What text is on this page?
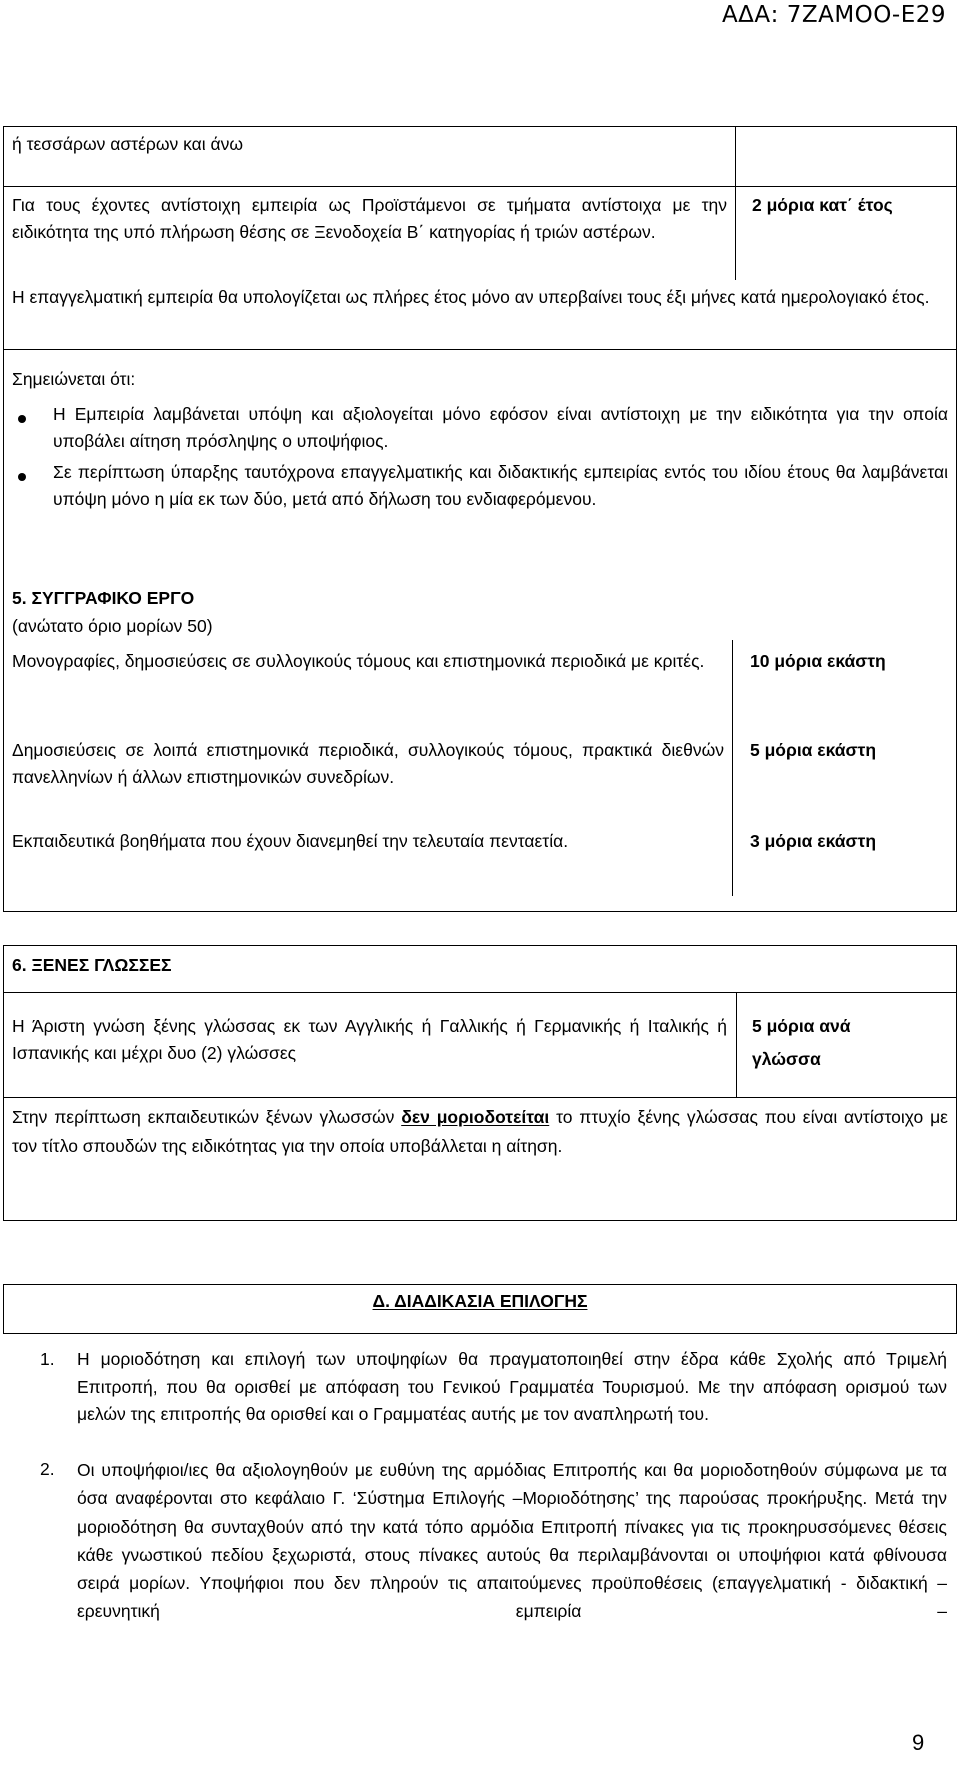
ΑΔΑ: 7ΖΑΜΟΟ-Ε29
ή τεσσάρων αστέρων και άνω
Για τους έχοντες αντίστοιχη εμπειρία ως Προϊστάμενοι σε τμήματα αντίστοιχα με την ειδικότητα της υπό πλήρωση θέσης σε Ξενοδοχεία Β΄ κατηγορίας ή τριών αστέρων.
2 μόρια κατ΄ έτος
Η επαγγελματική εμπειρία θα υπολογίζεται ως πλήρες έτος μόνο αν υπερβαίνει τους έξι μήνες κατά ημερολογιακό έτος.
Σημειώνεται ότι:
Η Εμπειρία λαμβάνεται υπόψη και αξιολογείται μόνο εφόσον είναι αντίστοιχη με την ειδικότητα για την οποία υποβάλει αίτηση πρόσληψης ο υποψήφιος.
Σε περίπτωση ύπαρξης ταυτόχρονα επαγγελματικής και διδακτικής εμπειρίας εντός του ιδίου έτους θα λαμβάνεται υπόψη μόνο η μία εκ των δύο, μετά από δήλωση του ενδιαφερόμενου.
5. ΣΥΓΓΡΑΦΙΚΟ ΕΡΓΟ
(ανώτατο όριο μορίων 50)
Μονογραφίες, δημοσιεύσεις σε συλλογικούς τόμους και επιστημονικά περιοδικά με κριτές.	10 μόρια εκάστη
Δημοσιεύσεις σε λοιπά επιστημονικά περιοδικά, συλλογικούς τόμους, πρακτικά διεθνών πανελληνίων ή άλλων επιστημονικών συνεδρίων.
5 μόρια εκάστη
Εκπαιδευτικά βοηθήματα που έχουν διανεμηθεί την τελευταία πενταετία.	3 μόρια εκάστη
6. ΞΕΝΕΣ ΓΛΩΣΣΕΣ
Η Άριστη γνώση ξένης γλώσσας εκ των Αγγλικής ή Γαλλικής ή Γερμανικής ή Ιταλικής ή Ισπανικής και μέχρι δυο (2) γλώσσες
5 μόρια ανά
γλώσσα
Στην περίπτωση εκπαιδευτικών ξένων γλωσσών δεν μοριοδοτείται το πτυχίο ξένης γλώσσας που είναι αντίστοιχο με τον τίτλο σπουδών της ειδικότητας για την οποία υποβάλλεται η αίτηση.
Δ. ΔΙΑΔΙΚΑΣΙΑ ΕΠΙΛΟΓΗΣ
1. Η μοριοδότηση και επιλογή των υποψηφίων θα πραγματοποιηθεί στην έδρα κάθε Σχολής από Τριμελή Επιτροπή, που θα ορισθεί με απόφαση του Γενικού Γραμματέα Τουρισμού. Με την απόφαση ορισμού των μελών της επιτροπής θα ορισθεί και ο Γραμματέας αυτής με τον αναπληρωτή του.
2. Οι υποψήφιοι/ιες θα αξιολογηθούν με ευθύνη της αρμόδιας Επιτροπής και θα μοριοδοτηθούν σύμφωνα με τα όσα αναφέρονται στο κεφάλαιο Γ. ‘Σύστημα Επιλογής –Μοριοδότησης’ της παρούσας προκήρυξης. Μετά την μοριοδότηση θα συνταχθούν από την κατά τόπο αρμόδια Επιτροπή πίνακες για τις προκηρυσσόμενες θέσεις κάθε γνωστικού πεδίου ξεχωριστά, στους πίνακες αυτούς θα περιλαμβάνονται οι υποψήφιοι κατά φθίνουσα σειρά μορίων. Υποψήφιοι που δεν πληρούν τις απαιτούμενες προϋποθέσεις (επαγγελματική - διδακτική – ερευνητική εμπειρία –
9
